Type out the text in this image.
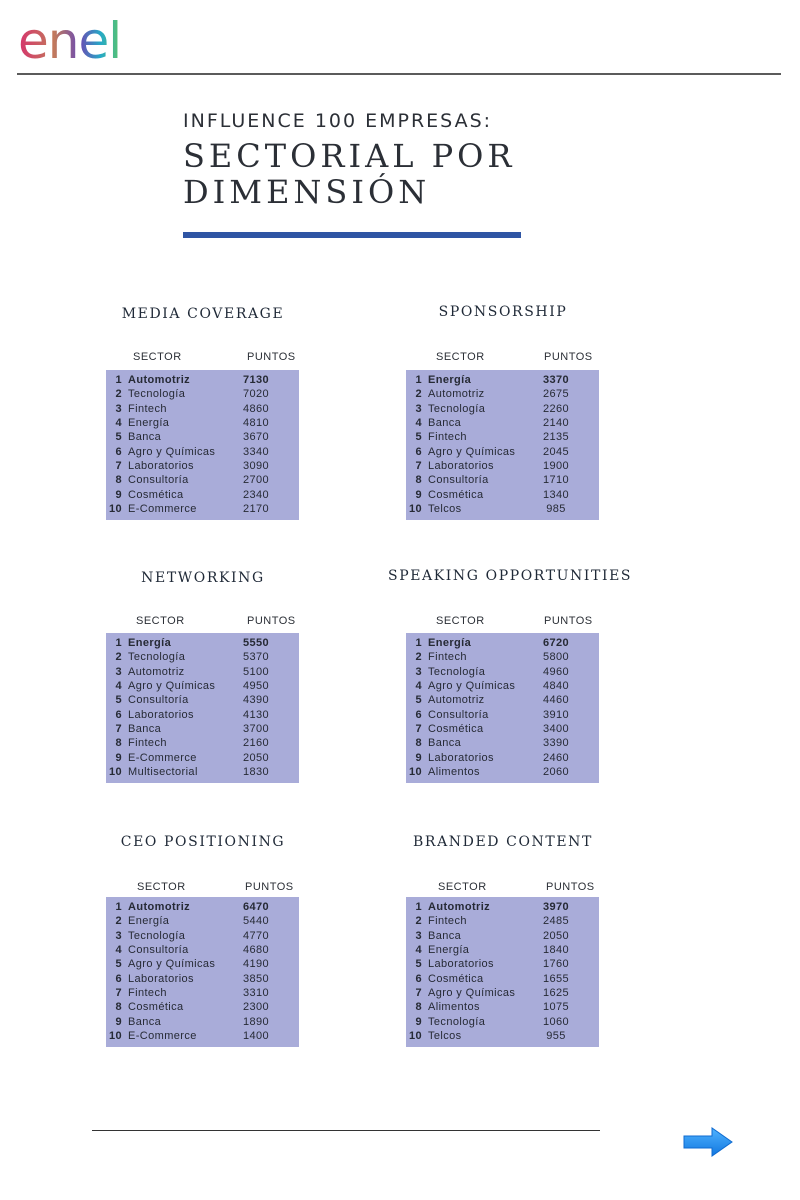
enel
INFLUENCE 100 EMPRESAS:
SECTORIAL POR DIMENSIÓN
MEDIA COVERAGE
SECTOR	PUNTOS
1 Automotriz	7130
2 Tecnología	7020
3 Fintech	4860
4 Energía	4810
5 Banca	3670
6 Agro y Químicas	3340
7 Laboratorios	3090
8 Consultoría	2700
9 Cosmética	2340
10 E-Commerce	2170
SPONSORSHIP
SECTOR	PUNTOS
1 Energía	3370
2 Automotriz	2675
3 Tecnología	2260
4 Banca	2140
5 Fintech	2135
6 Agro y Químicas	2045
7 Laboratorios	1900
8 Consultoría	1710
9 Cosmética	1340
10 Telcos	985
NETWORKING
SECTOR	PUNTOS
1 Energía	5550
2 Tecnología	5370
3 Automotriz	5100
4 Agro y Químicas	4950
5 Consultoría	4390
6 Laboratorios	4130
7 Banca	3700
8 Fintech	2160
9 E-Commerce	2050
10 Multisectorial	1830
SPEAKING OPPORTUNITIES
SECTOR	PUNTOS
1 Energía	6720
2 Fintech	5800
3 Tecnología	4960
4 Agro y Químicas	4840
5 Automotriz	4460
6 Consultoría	3910
7 Cosmética	3400
8 Banca	3390
9 Laboratorios	2460
10 Alimentos	2060
CEO POSITIONING
SECTOR	PUNTOS
1 Automotriz	6470
2 Energía	5440
3 Tecnología	4770
4 Consultoría	4680
5 Agro y Químicas	4190
6 Laboratorios	3850
7 Fintech	3310
8 Cosmética	2300
9 Banca	1890
10 E-Commerce	1400
BRANDED CONTENT
SECTOR	PUNTOS
1 Automotriz	3970
2 Fintech	2485
3 Banca	2050
4 Energía	1840
5 Laboratorios	1760
6 Cosmética	1655
7 Agro y Químicas	1625
8 Alimentos	1075
9 Tecnología	1060
10 Telcos	955
